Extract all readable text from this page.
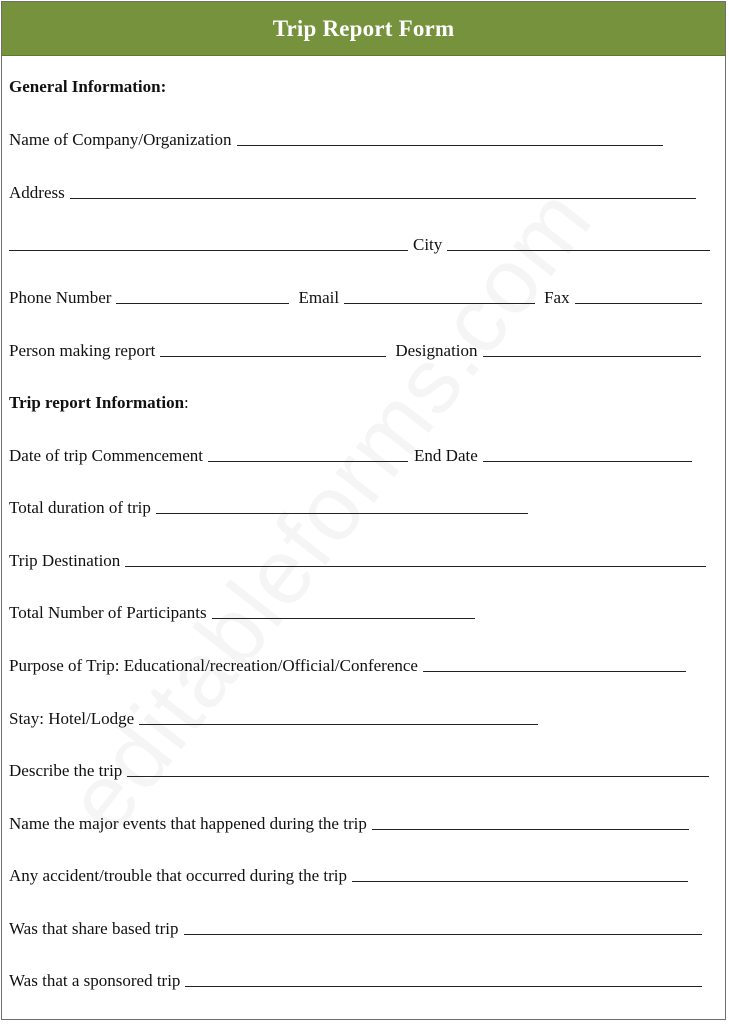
Trip Report Form
General Information:
Name of Company/Organization
Address
City
Phone Number	Email	Fax
Person making report	Designation
Trip report Information:
Date of trip Commencement	End Date
Total duration of trip
Trip Destination
Total Number of Participants
Purpose of Trip: Educational/recreation/Official/Conference
Stay: Hotel/Lodge
Describe the trip
Name the major events that happened during the trip
Any accident/trouble that occurred during the trip
Was that share based trip
Was that a sponsored trip
